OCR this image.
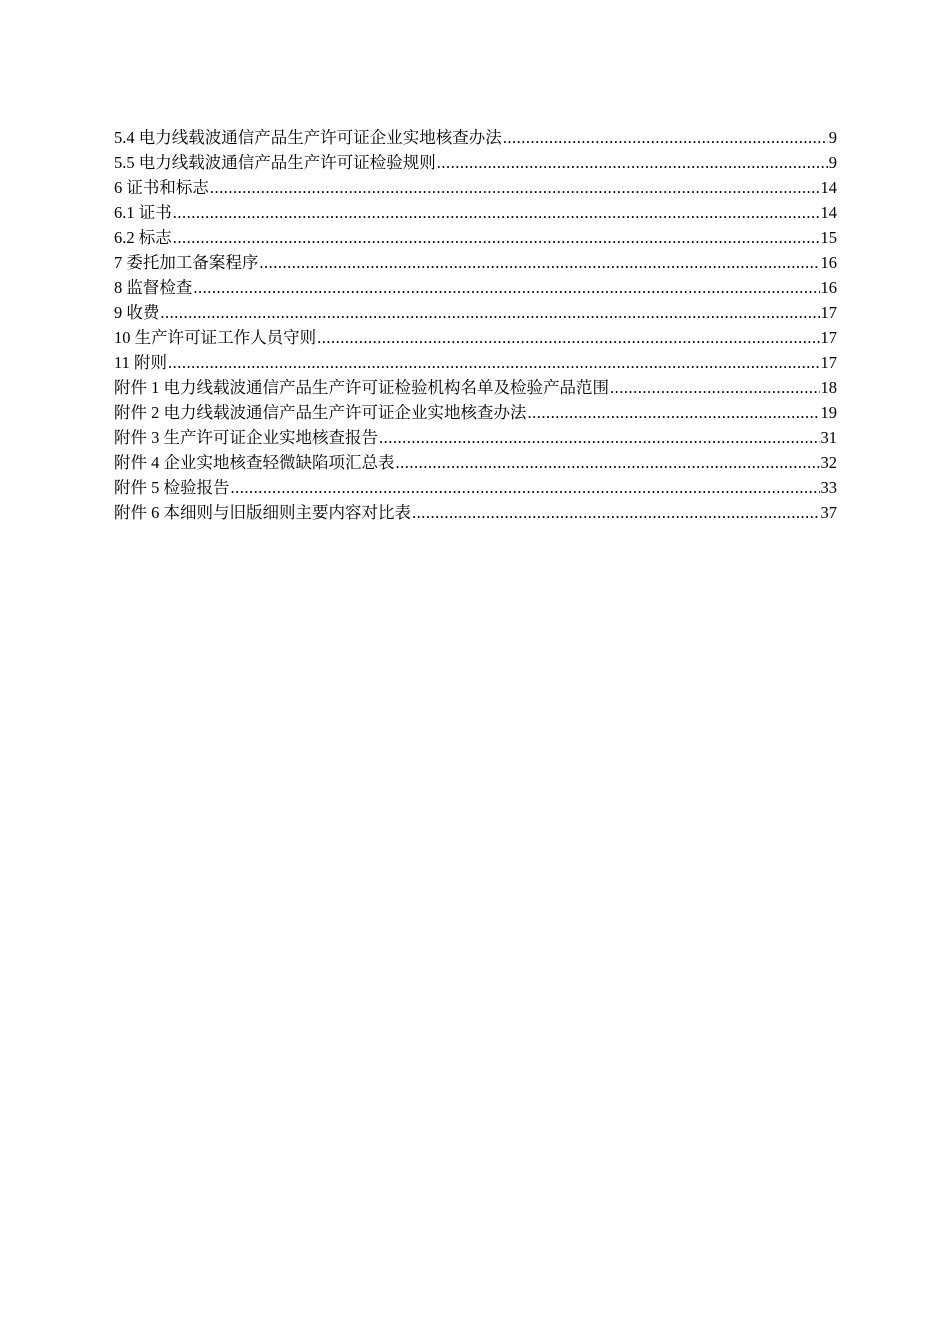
5.4 电力线载波通信产品生产许可证企业实地核查办法 .....	9
5.5 电力线载波通信产品生产许可证检验规则 .....	9
6 证书和标志 .....	14
6.1 证书 .....	14
6.2 标志 .....	15
7 委托加工备案程序 .....	16
8 监督检查 .....	16
9 收费 .....	17
10 生产许可证工作人员守则 .....	17
11 附则 .....	17
附件 1 电力线载波通信产品生产许可证检验机构名单及检验产品范围 .....	18
附件 2 电力线载波通信产品生产许可证企业实地核查办法 .....	19
附件 3 生产许可证企业实地核查报告 .....	31
附件 4 企业实地核查轻微缺陷项汇总表 .....	32
附件 5 检验报告 .....	33
附件 6 本细则与旧版细则主要内容对比表 .....	37
